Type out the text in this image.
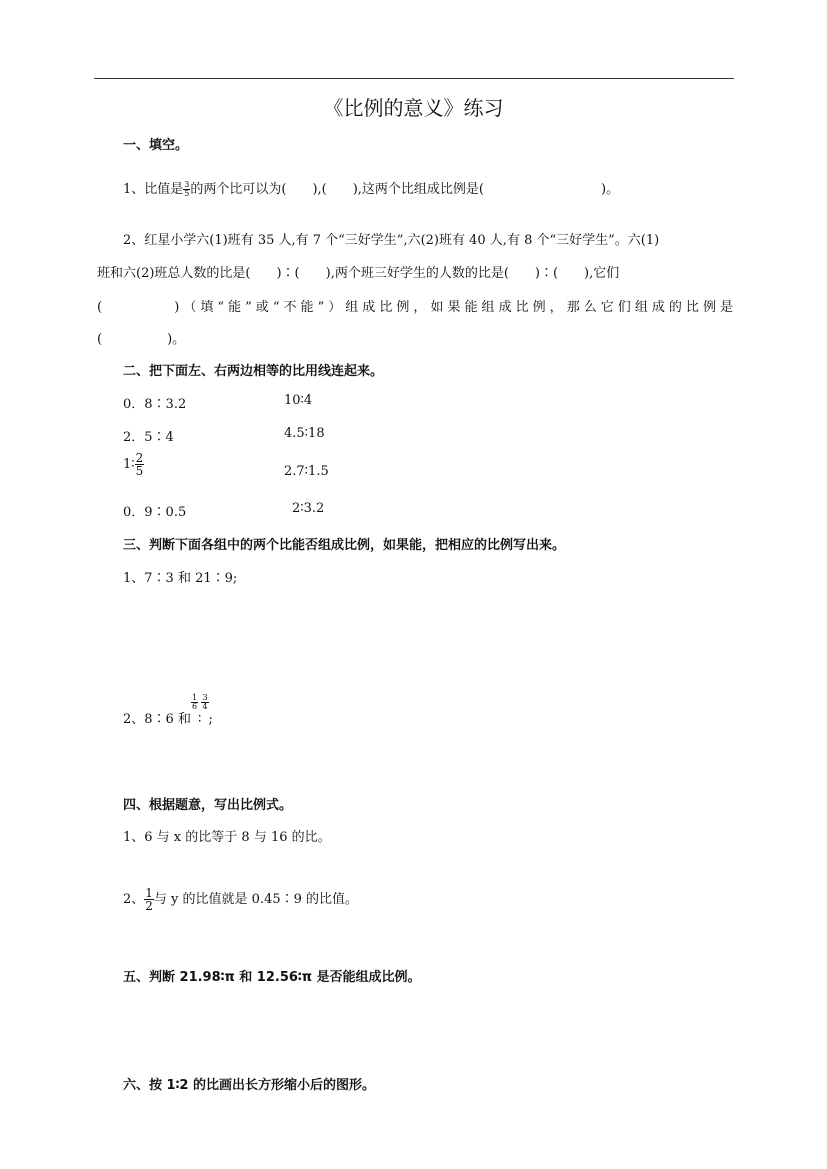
《比例的意义》练习
一、填空。
1、比值是 $\frac{3}{5}$ 的两个比可以为(　　),(　　),这两个比组成比例是(　　　　　　　　　)。
2、红星小学六(1)班有 35 人,有 7 个“三好学生”,六(2)班有 40 人,有 8 个“三好学生”。六(1)
班和六(2)班总人数的比是(　　)∶(　　),两个班三好学生的人数的比是(　　)∶(　　),它们
(　　　　)（填“能”或“不能”）组成比例，如果能组成比例，那么它们组成的比例是
(　　　　　)。
二、把下面左、右两边相等的比用线连起来。
0．8∶3.2	10∶4
2．5∶4	4.5∶18
1∶ $\frac{2}{5}$	2.7∶1.5
0．9∶0.5	2∶3.2
三、判断下面各组中的两个比能否组成比例，如果能，把相应的比例写出来。
1、7∶3 和 21∶9;
2、8∶6 和
$\frac{1}{6}$
∶
$\frac{3}{4}$
;
四、根据题意，写出比例式。
1、6 与 x 的比等于 8 与 16 的比。
2、 $\frac{1}{2}$ 与 y 的比值就是 0.45∶9 的比值。
五、判断 21.98∶π 和 12.56∶π 是否能组成比例。
六、按 1∶2 的比画出长方形缩小后的图形。
